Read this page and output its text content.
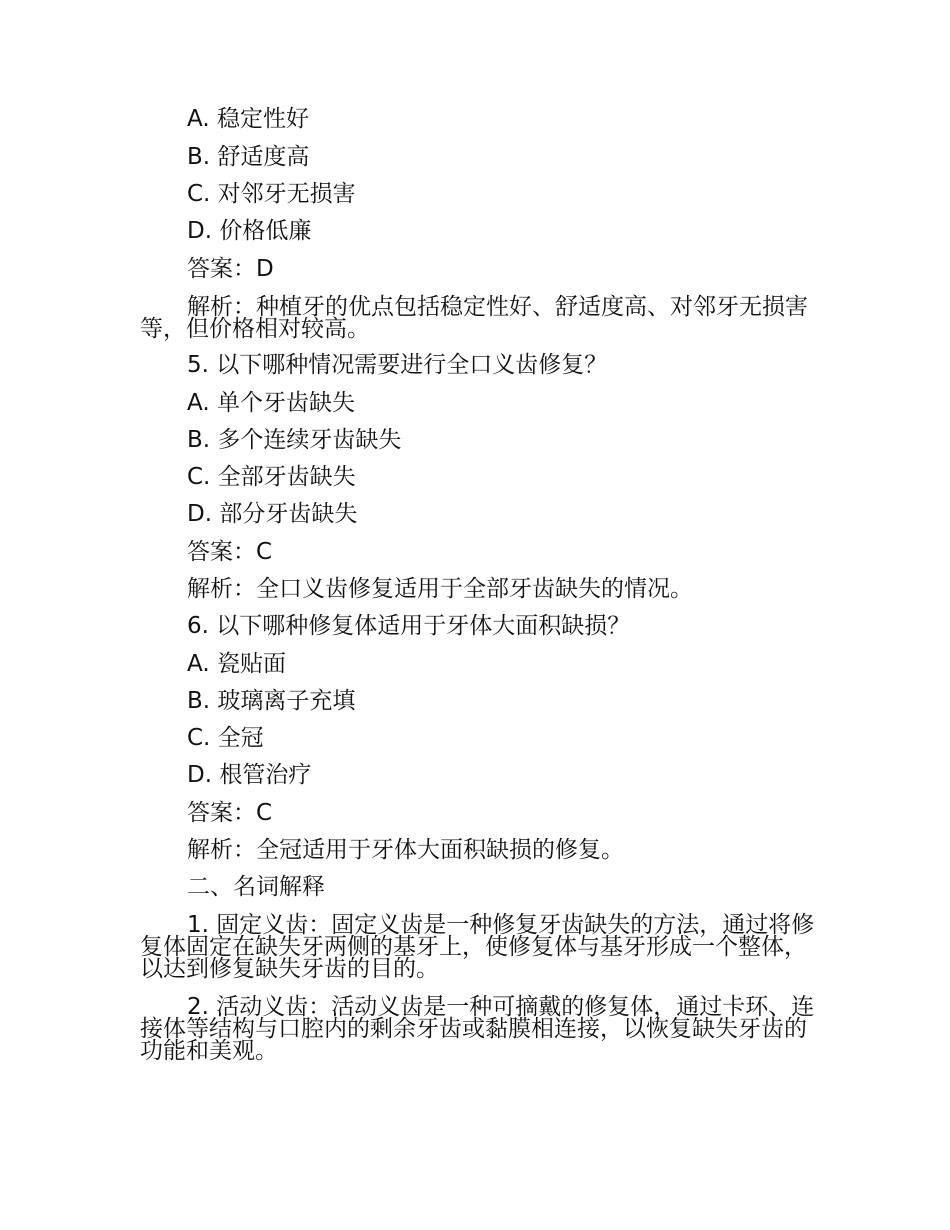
A. 稳定性好
B. 舒适度高
C. 对邻牙无损害
D. 价格低廉
答案：D
解析：种植牙的优点包括稳定性好、舒适度高、对邻牙无损害等，但价格相对较高。
5. 以下哪种情况需要进行全口义齿修复？
A. 单个牙齿缺失
B. 多个连续牙齿缺失
C. 全部牙齿缺失
D. 部分牙齿缺失
答案：C
解析：全口义齿修复适用于全部牙齿缺失的情况。
6. 以下哪种修复体适用于牙体大面积缺损？
A. 瓷贴面
B. 玻璃离子充填
C. 全冠
D. 根管治疗
答案：C
解析：全冠适用于牙体大面积缺损的修复。
二、名词解释
1. 固定义齿：固定义齿是一种修复牙齿缺失的方法，通过将修复体固定在缺失牙两侧的基牙上，使修复体与基牙形成一个整体，以达到修复缺失牙齿的目的。
2. 活动义齿：活动义齿是一种可摘戴的修复体，通过卡环、连接体等结构与口腔内的剩余牙齿或黏膜相连接，以恢复缺失牙齿的功能和美观。
